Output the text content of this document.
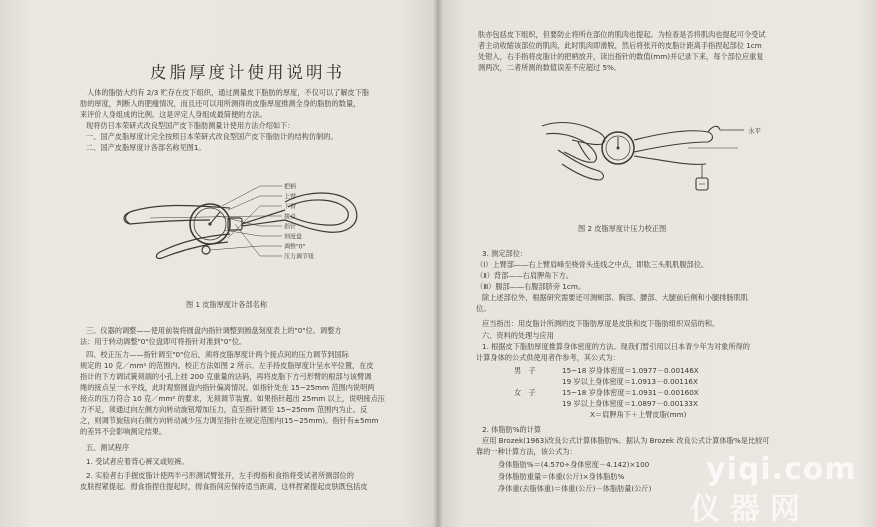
皮脂厚度计使用说明书
人体的脂肪大约有 2/3 贮存在皮下组织，通过测量皮下脂肪的厚度，不仅可以了解皮下脂
肪的厚度，判断人的肥瘦情况，而且还可以用所测得的皮脂厚度推测全身的脂肪的数量，
来评价人身组成的比例。这是评定人身组成最简便的方法。
现将仿日本荣研式改良型国产皮下脂肪测量计使用方法介绍如下：
一、国产皮脂厚度计完全按照日本荣研式改良型国产皮下脂肪计的结构仿制的。
二、国产皮脂厚度计各部名称见图1。
把柄
上臂
下臂
接点
指针
刻度盘
调整"0"
压力调节钮
图 1 皮脂厚度计各部名称
三、仪器的调整——使用前装将圆盘内指针调整到圆盘刻度表上的"0"位。调整方
法：用于转动调整"0"位盘即可将指针对准到"0"位。
四、校正压力——指针调至"0"位后，须将皮脂厚度计两个接点间的压力调节到国际
规定的 10 克／mm² 的范围内。校正方法如图 2 所示。左手持皮脂厚度计呈水平位置，在皮
指计的下方调试簧须端的小孔上挂 200 克重量的法码，再将皮脂下方弓形臂的根部与该臂调
绳的接点呈一水平线，此时观察圆盘内指针偏离情况。如指针处在 15~25mm 范围内说明两
接点的压力符合 10 克／mm² 的要求，无须调节装置。如果指针超出 25mm 以上，说明接点压
力不足，须通过向左侧方向转动旋钮增加压力，直至指针调至 15~25mm 范围内为止。反
之，则调节旋钮向右侧方向转动减少压力调至指针在规定范围内(15~25mm)。指针有±5mm
的差异不会影响测定结果。
五、测试程序
1. 受试者应着背心裤叉或短裤。
2. 实验者右手握皮脂计使两半弓形测试臂张开，左手拇指和食指将受试者所测部位的
皮肤捏紧提起。拇食指捏住提起时，拇食指间应保持适当距离，这样捏紧提起皮肤既包括皮
肤亦包括皮下组织，但要防止将所在部位的肌肉也提起。为检查是否将肌肉也提起可令受试
者主动收缩该部位的肌肉，此时肌肉即滑脱，然后将张开的皮脂计距离手指捏起部位 1cm
处钳入，右手指将皮脂计的把柄放开，读出指针的数值(mm)并记录下来，每个部位应重复
测两次，二者所测的数值误差不应超过 5%。
水平
图 2 皮脂厚度计压力校正图
3. 测定部位：
（Ⅰ）上臂部——右上臂肩峰至桡骨头连线之中点，即肱三头肌肌腹部位。
（Ⅱ）背部——右肩胛角下方。
（Ⅲ）腹部——右腹部脐旁 1cm。
除上述部位外，根据研究需要还可测颊部、胸部、腰部、大腿前后侧和小腿排肠肌肌
位。
应当指出：用皮脂计所测的皮下脂肪厚度是皮肤和皮下脂肪组织双倍的和。
六、资料的处理与应用
1. 根据皮下脂肪厚度推算身体密度的方法。现我们暂引用以日本青少年为对象所得的
计算身体的公式供使用者作参考，其公式为：
男　子	15~18 岁身体密度＝1.0977－0.00146X
19 岁以上身体密度＝1.0913－0.00116X
女　子	15~18 岁身体密度＝1.0931－0.00160X
19 岁以上身体密度＝1.0897－0.00133X
X＝肩胛角下＋上臂皮脂(mm)
2. 体脂肪%的计算
应用 Brozek(1963)改良公式计算体脂肪%。据认为 Brozek 改良公式计算体脂%是比较可
靠的一种计算方法，该公式为：
身体脂肪%＝(4.570÷身体密度－4.142)×100
身体脂肪重量＝体重(公斤)×身体脂肪%
净体重(去脂体重)＝体重(公斤)－体脂肪量(公斤)
yiqi.com
仪器网
